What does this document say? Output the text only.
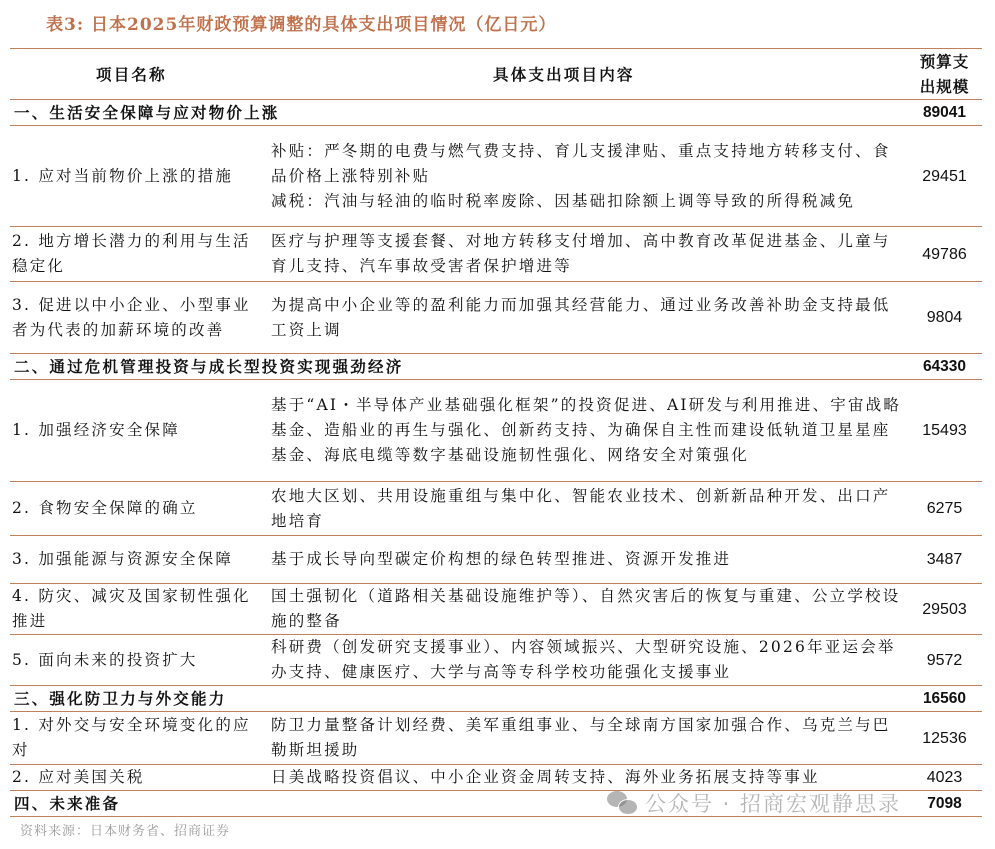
表3: 日本2025年财政预算调整的具体支出项目情况（亿日元）
项目名称	具体支出项目内容	预算支
出规模
一、生活安全保障与应对物价上涨		89041
1. 应对当前物价上涨的措施	补贴：严冬期的电费与燃气费支持、育儿支援津贴、重点支持地方转移支付、食品价格上涨特别补贴
减税：汽油与轻油的临时税率废除、因基础扣除额上调等导致的所得税减免	29451
2. 地方增长潜力的利用与生活稳定化	医疗与护理等支援套餐、对地方转移支付增加、高中教育改革促进基金、儿童与育儿支持、汽车事故受害者保护增进等	49786
3. 促进以中小企业、小型事业者为代表的加薪环境的改善	为提高中小企业等的盈利能力而加强其经营能力、通过业务改善补助金支持最低工资上调	9804
二、通过危机管理投资与成长型投资实现强劲经济		64330
1. 加强经济安全保障	基于“AI・半导体产业基础强化框架”的投资促进、AI研发与利用推进、宇宙战略基金、造船业的再生与强化、创新药支持、为确保自主性而建设低轨道卫星星座基金、海底电缆等数字基础设施韧性强化、网络安全对策强化	15493
2. 食物安全保障的确立	农地大区划、共用设施重组与集中化、智能农业技术、创新新品种开发、出口产地培育	6275
3. 加强能源与资源安全保障	基于成长导向型碳定价构想的绿色转型推进、资源开发推进	3487
4. 防灾、减灾及国家韧性强化推进	国土强韧化（道路相关基础设施维护等）、自然灾害后的恢复与重建、公立学校设施的整备	29503
5. 面向未来的投资扩大	科研费（创发研究支援事业）、内容领域振兴、大型研究设施、2026年亚运会举办支持、健康医疗、大学与高等专科学校功能强化支援事业	9572
三、强化防卫力与外交能力		16560
1. 对外交与安全环境变化的应对	防卫力量整备计划经费、美军重组事业、与全球南方国家加强合作、乌克兰与巴勒斯坦援助	12536
2. 应对美国关税	日美战略投资倡议、中小企业资金周转支持、海外业务拓展支持等事业	4023
四、未来准备		7098
资料来源：日本财务省、招商证券
公众号 · 招商宏观静思录
